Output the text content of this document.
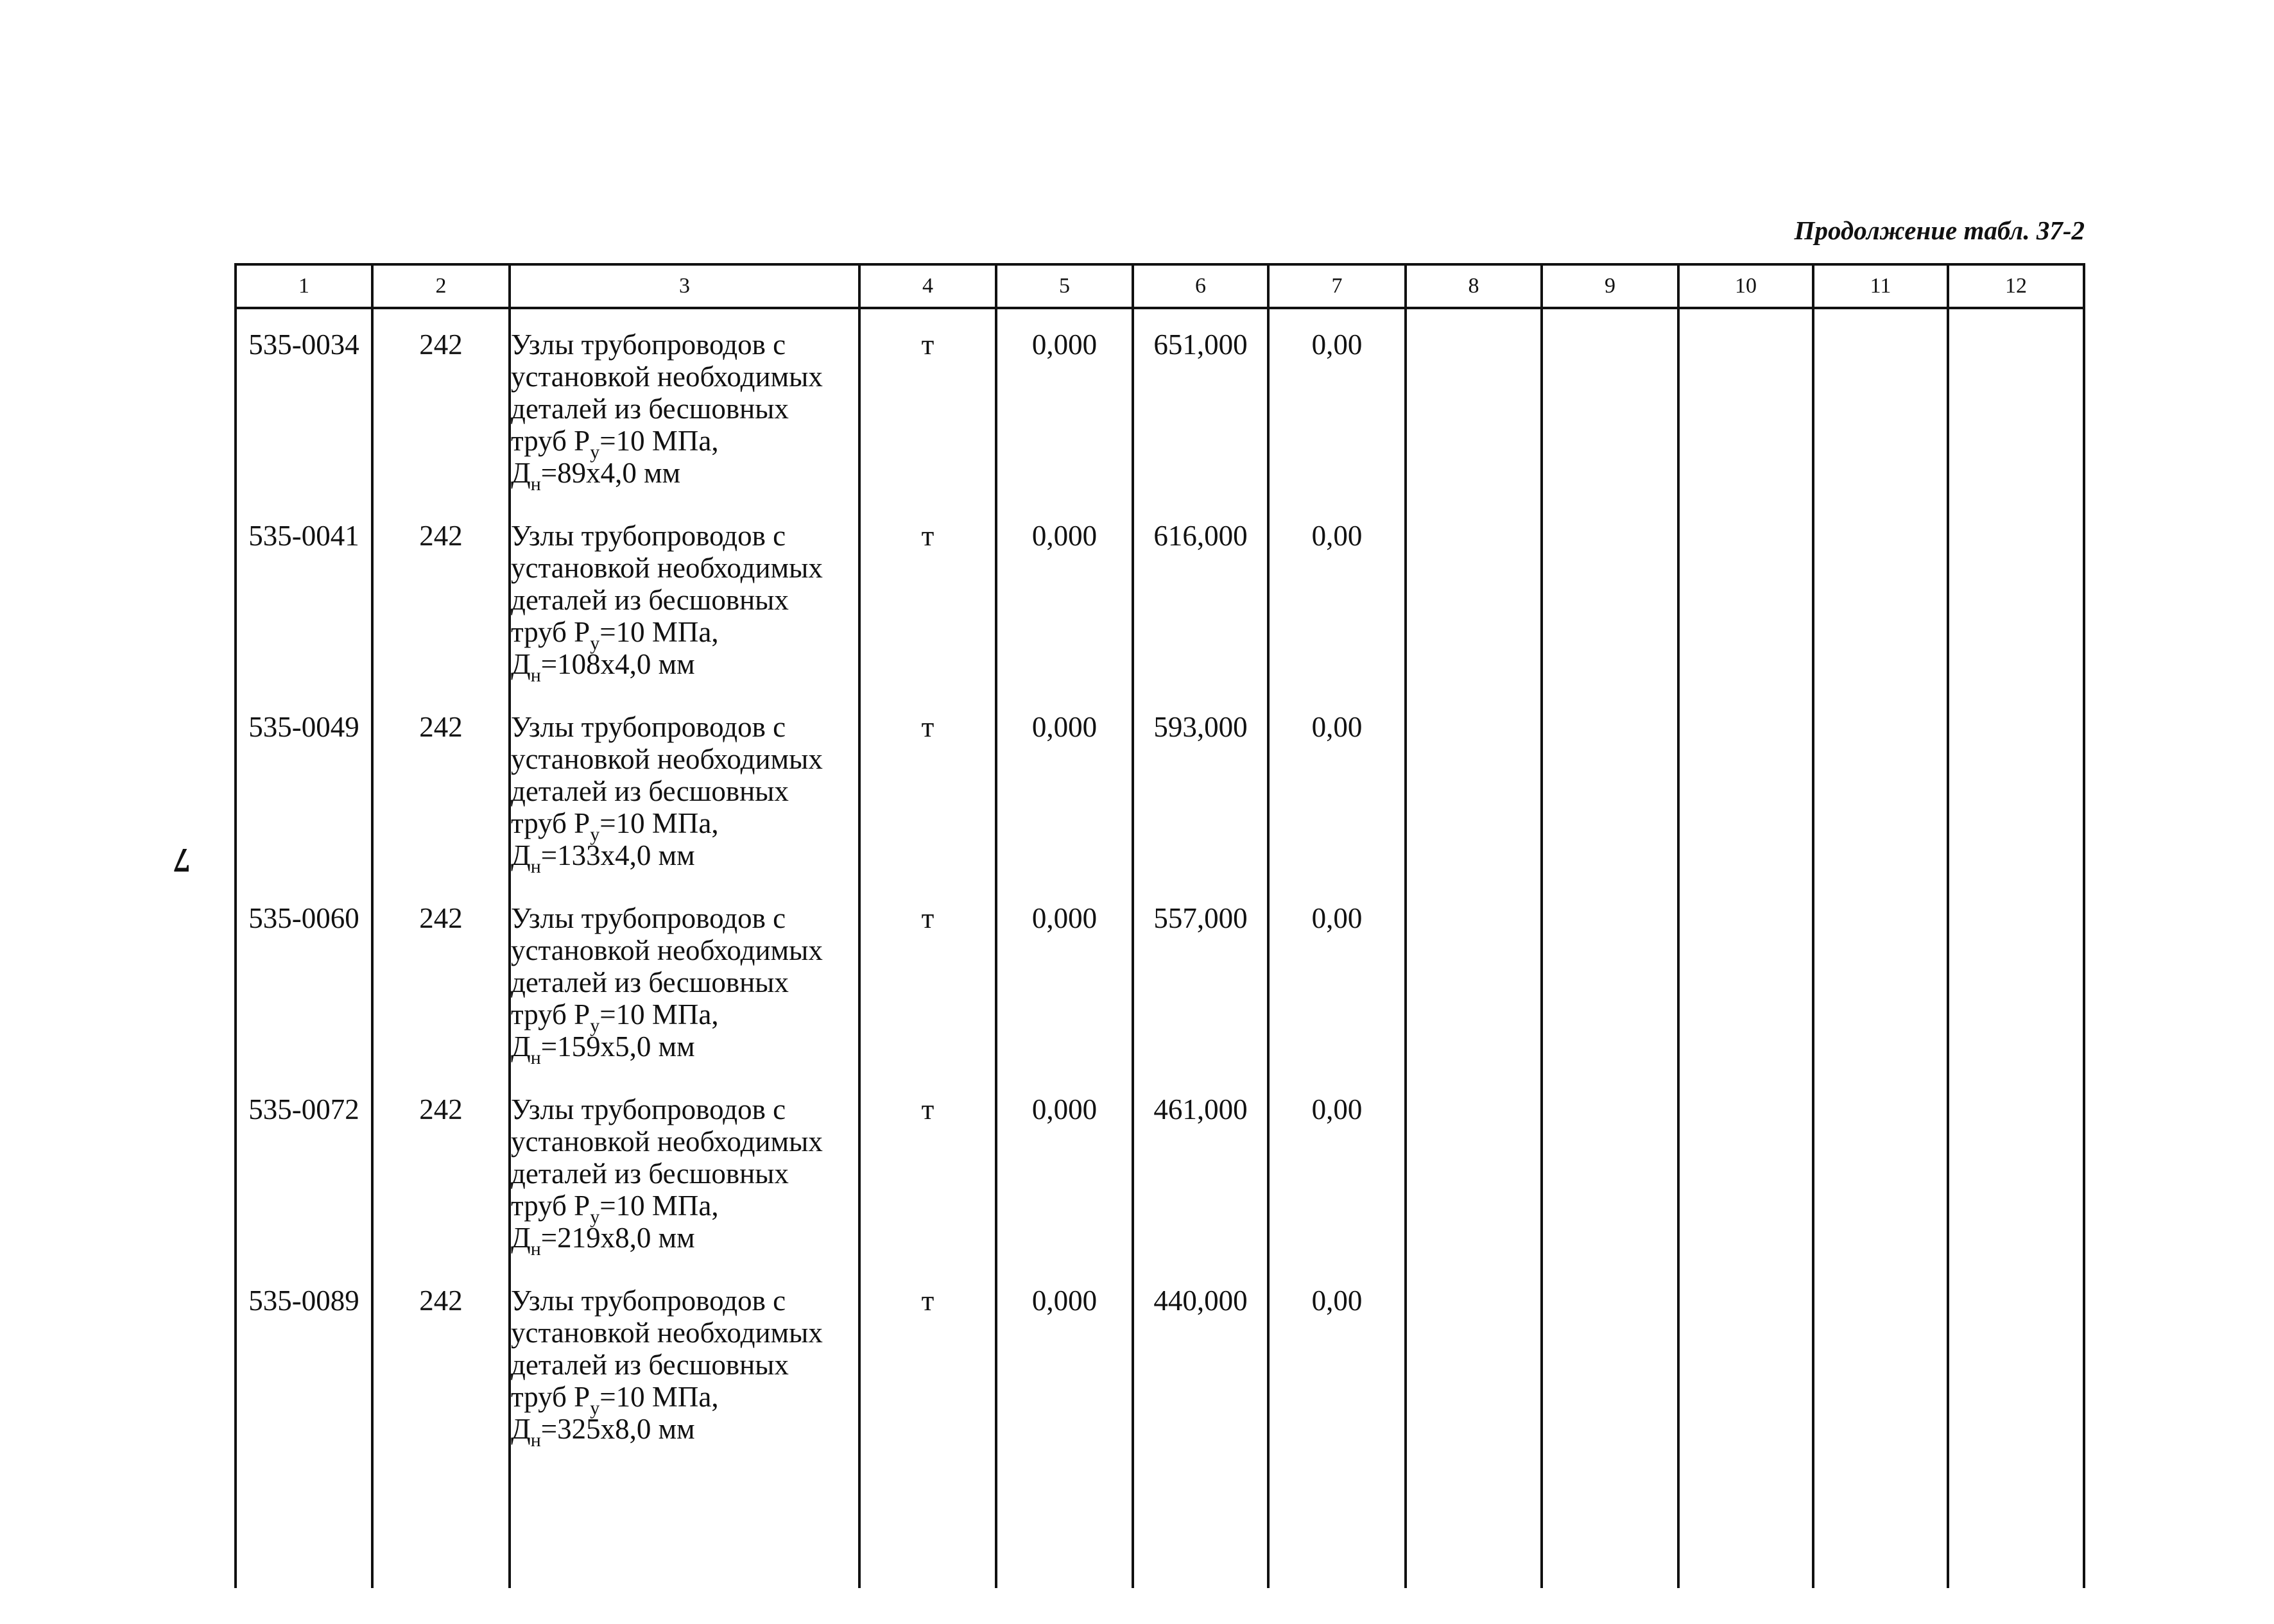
Продолжение табл. 37-2
7
1	2	3	4	5	6	7	8	9	10	11	12
535-0034	242	Узлы трубопроводов с
установкой необходимых
деталей из бесшовных
труб $Р_у=10$ МПа,
$Д_н=89x4,0$ мм	т	0,000	651,000	0,00					
535-0041	242	Узлы трубопроводов с
установкой необходимых
деталей из бесшовных
труб $Р_у=10$ МПа,
$Д_н=108x4,0$ мм	т	0,000	616,000	0,00					
535-0049	242	Узлы трубопроводов с
установкой необходимых
деталей из бесшовных
труб $Р_у=10$ МПа,
$Д_н=133x4,0$ мм	т	0,000	593,000	0,00					
535-0060	242	Узлы трубопроводов с
установкой необходимых
деталей из бесшовных
труб $Р_у=10$ МПа,
$Д_н=159x5,0$ мм	т	0,000	557,000	0,00					
535-0072	242	Узлы трубопроводов с
установкой необходимых
деталей из бесшовных
труб $Р_у=10$ МПа,
$Д_н=219x8,0$ мм	т	0,000	461,000	0,00					
535-0089	242	Узлы трубопроводов с
установкой необходимых
деталей из бесшовных
труб $Р_у=10$ МПа,
$Д_н=325x8,0$ мм	т	0,000	440,000	0,00					
